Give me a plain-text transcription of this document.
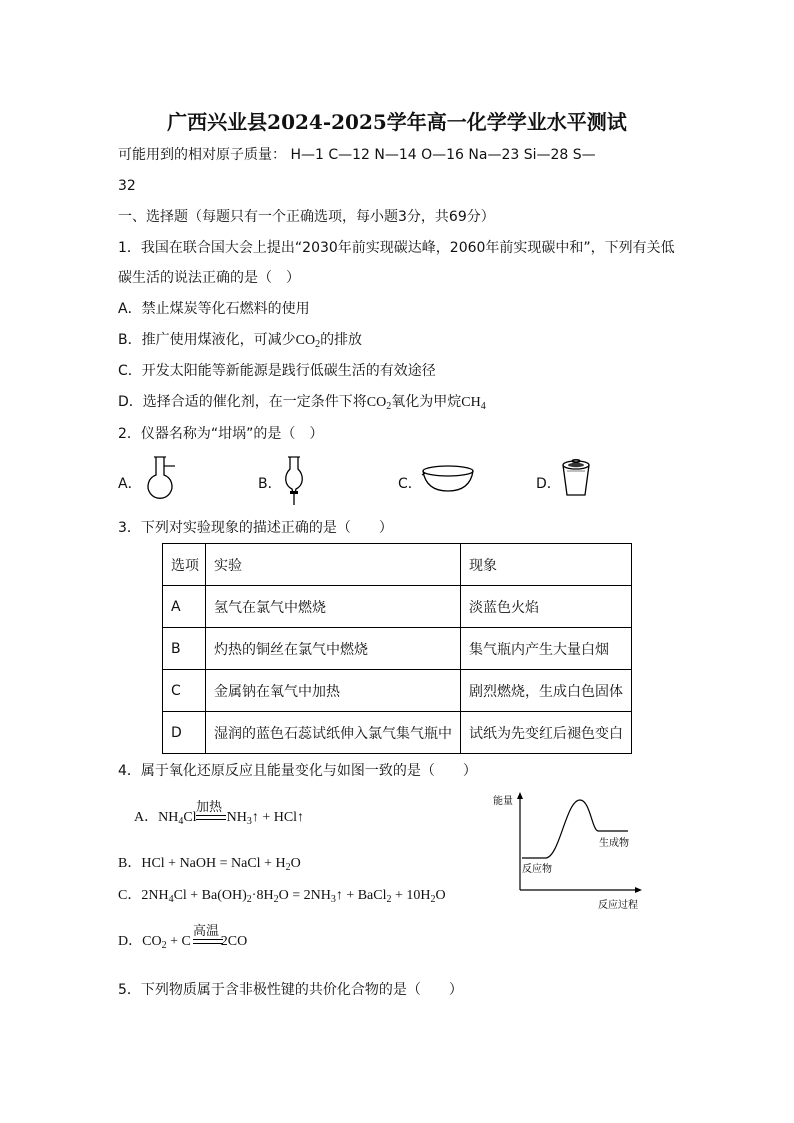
广西兴业县2024-2025学年高一化学学业水平测试
可能用到的相对原子质量： H—1 C—12 N—14 O—16 Na—23 Si—28 S—
32
一、选择题（每题只有一个正确选项，每小题3分，共69分）
1．我国在联合国大会上提出“2030年前实现碳达峰，2060年前实现碳中和”，下列有关低
碳生活的说法正确的是（　）
A．禁止煤炭等化石燃料的使用
B．推广使用煤液化，可减少$CO_2$的排放
C．开发太阳能等新能源是践行低碳生活的有效途径
D．选择合适的催化剂，在一定条件下将$CO_2$氧化为甲烷$CH_4$
2．仪器名称为“坩埚”的是（　）
A．	B．	C．	D．
3．下列对实验现象的描述正确的是（　　）
选项	实验	现象
A	氢气在氯气中燃烧	淡蓝色火焰
B	灼热的铜丝在氯气中燃烧	集气瓶内产生大量白烟
C	金属钠在氧气中加热	剧烈燃烧，生成白色固体
D	湿润的蓝色石蕊试纸伸入氯气集气瓶中	试纸为先变红后褪色变白
4．属于氧化还原反应且能量变化与如图一致的是（　　）
加热
A．$NH_4Cl$ $NH_3↑$ + HCl↑
B．HCl + NaOH = NaCl + $H_2O$
C．$2NH_4Cl + Ba(OH)_2\cdot 8H_2O$ = $2NH_3↑$ + BaCl$_2$ + $10H_2O$
高温
D．$CO_2 + C$ 2CO
能量
反应物
生成物
反应过程
5．下列物质属于含非极性键的共价化合物的是（　　）
